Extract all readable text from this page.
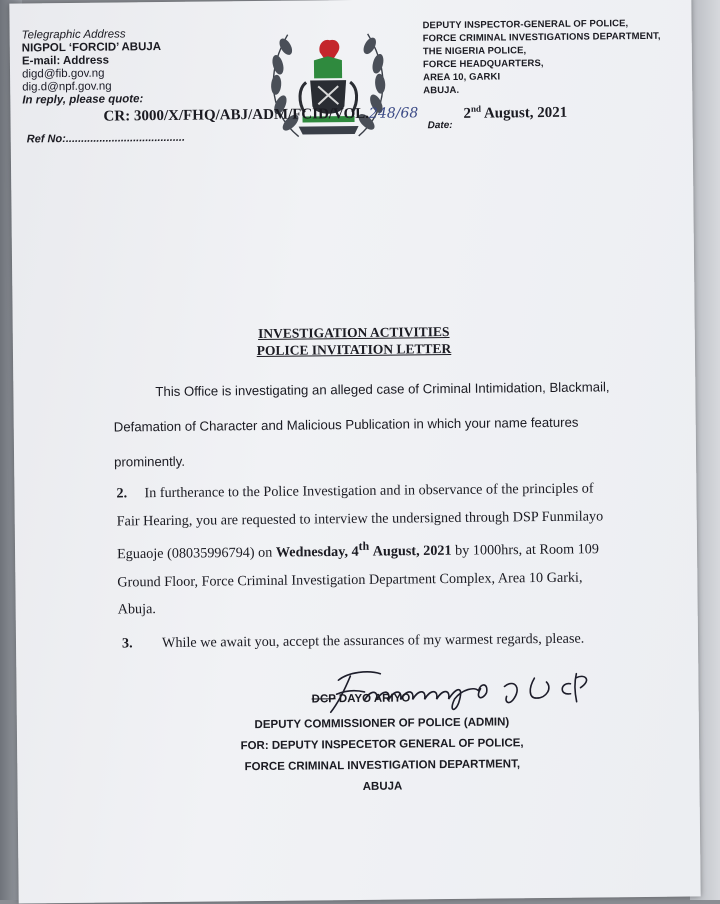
Telegraphic Address
NIGPOL ‘FORCID’ ABUJA
E-mail: Address
digd@fib.gov.ng
dig.d@npf.gov.ng
In reply, please quote:
DEPUTY INSPECTOR-GENERAL OF POLICE,
FORCE CRIMINAL INVESTIGATIONS DEPARTMENT,
THE NIGERIA POLICE,
FORCE HEADQUARTERS,
AREA 10, GARKI
ABUJA.
CR: 3000/X/FHQ/ABJ/ADM/FCID/VOL.248/68	2nd August, 2021
Date:
Ref No:.......................................
INVESTIGATION ACTIVITIES
POLICE INVITATION LETTER
This Office is investigating an alleged case of Criminal Intimidation, Blackmail, Defamation of Character and Malicious Publication in which your name features prominently.
2. In furtherance to the Police Investigation and in observance of the principles of Fair Hearing, you are requested to interview the undersigned through DSP Funmilayo Eguaoje (08035996794) on Wednesday, 4th August, 2021 by 1000hrs, at Room 109 Ground Floor, Force Criminal Investigation Department Complex, Area 10 Garki, Abuja.
3. While we await you, accept the assurances of my warmest regards, please.
DCP DAYO ARIYO
DEPUTY COMMISSIONER OF POLICE (ADMIN)
FOR: DEPUTY INSPECETOR GENERAL OF POLICE,
FORCE CRIMINAL INVESTIGATION DEPARTMENT,
ABUJA
